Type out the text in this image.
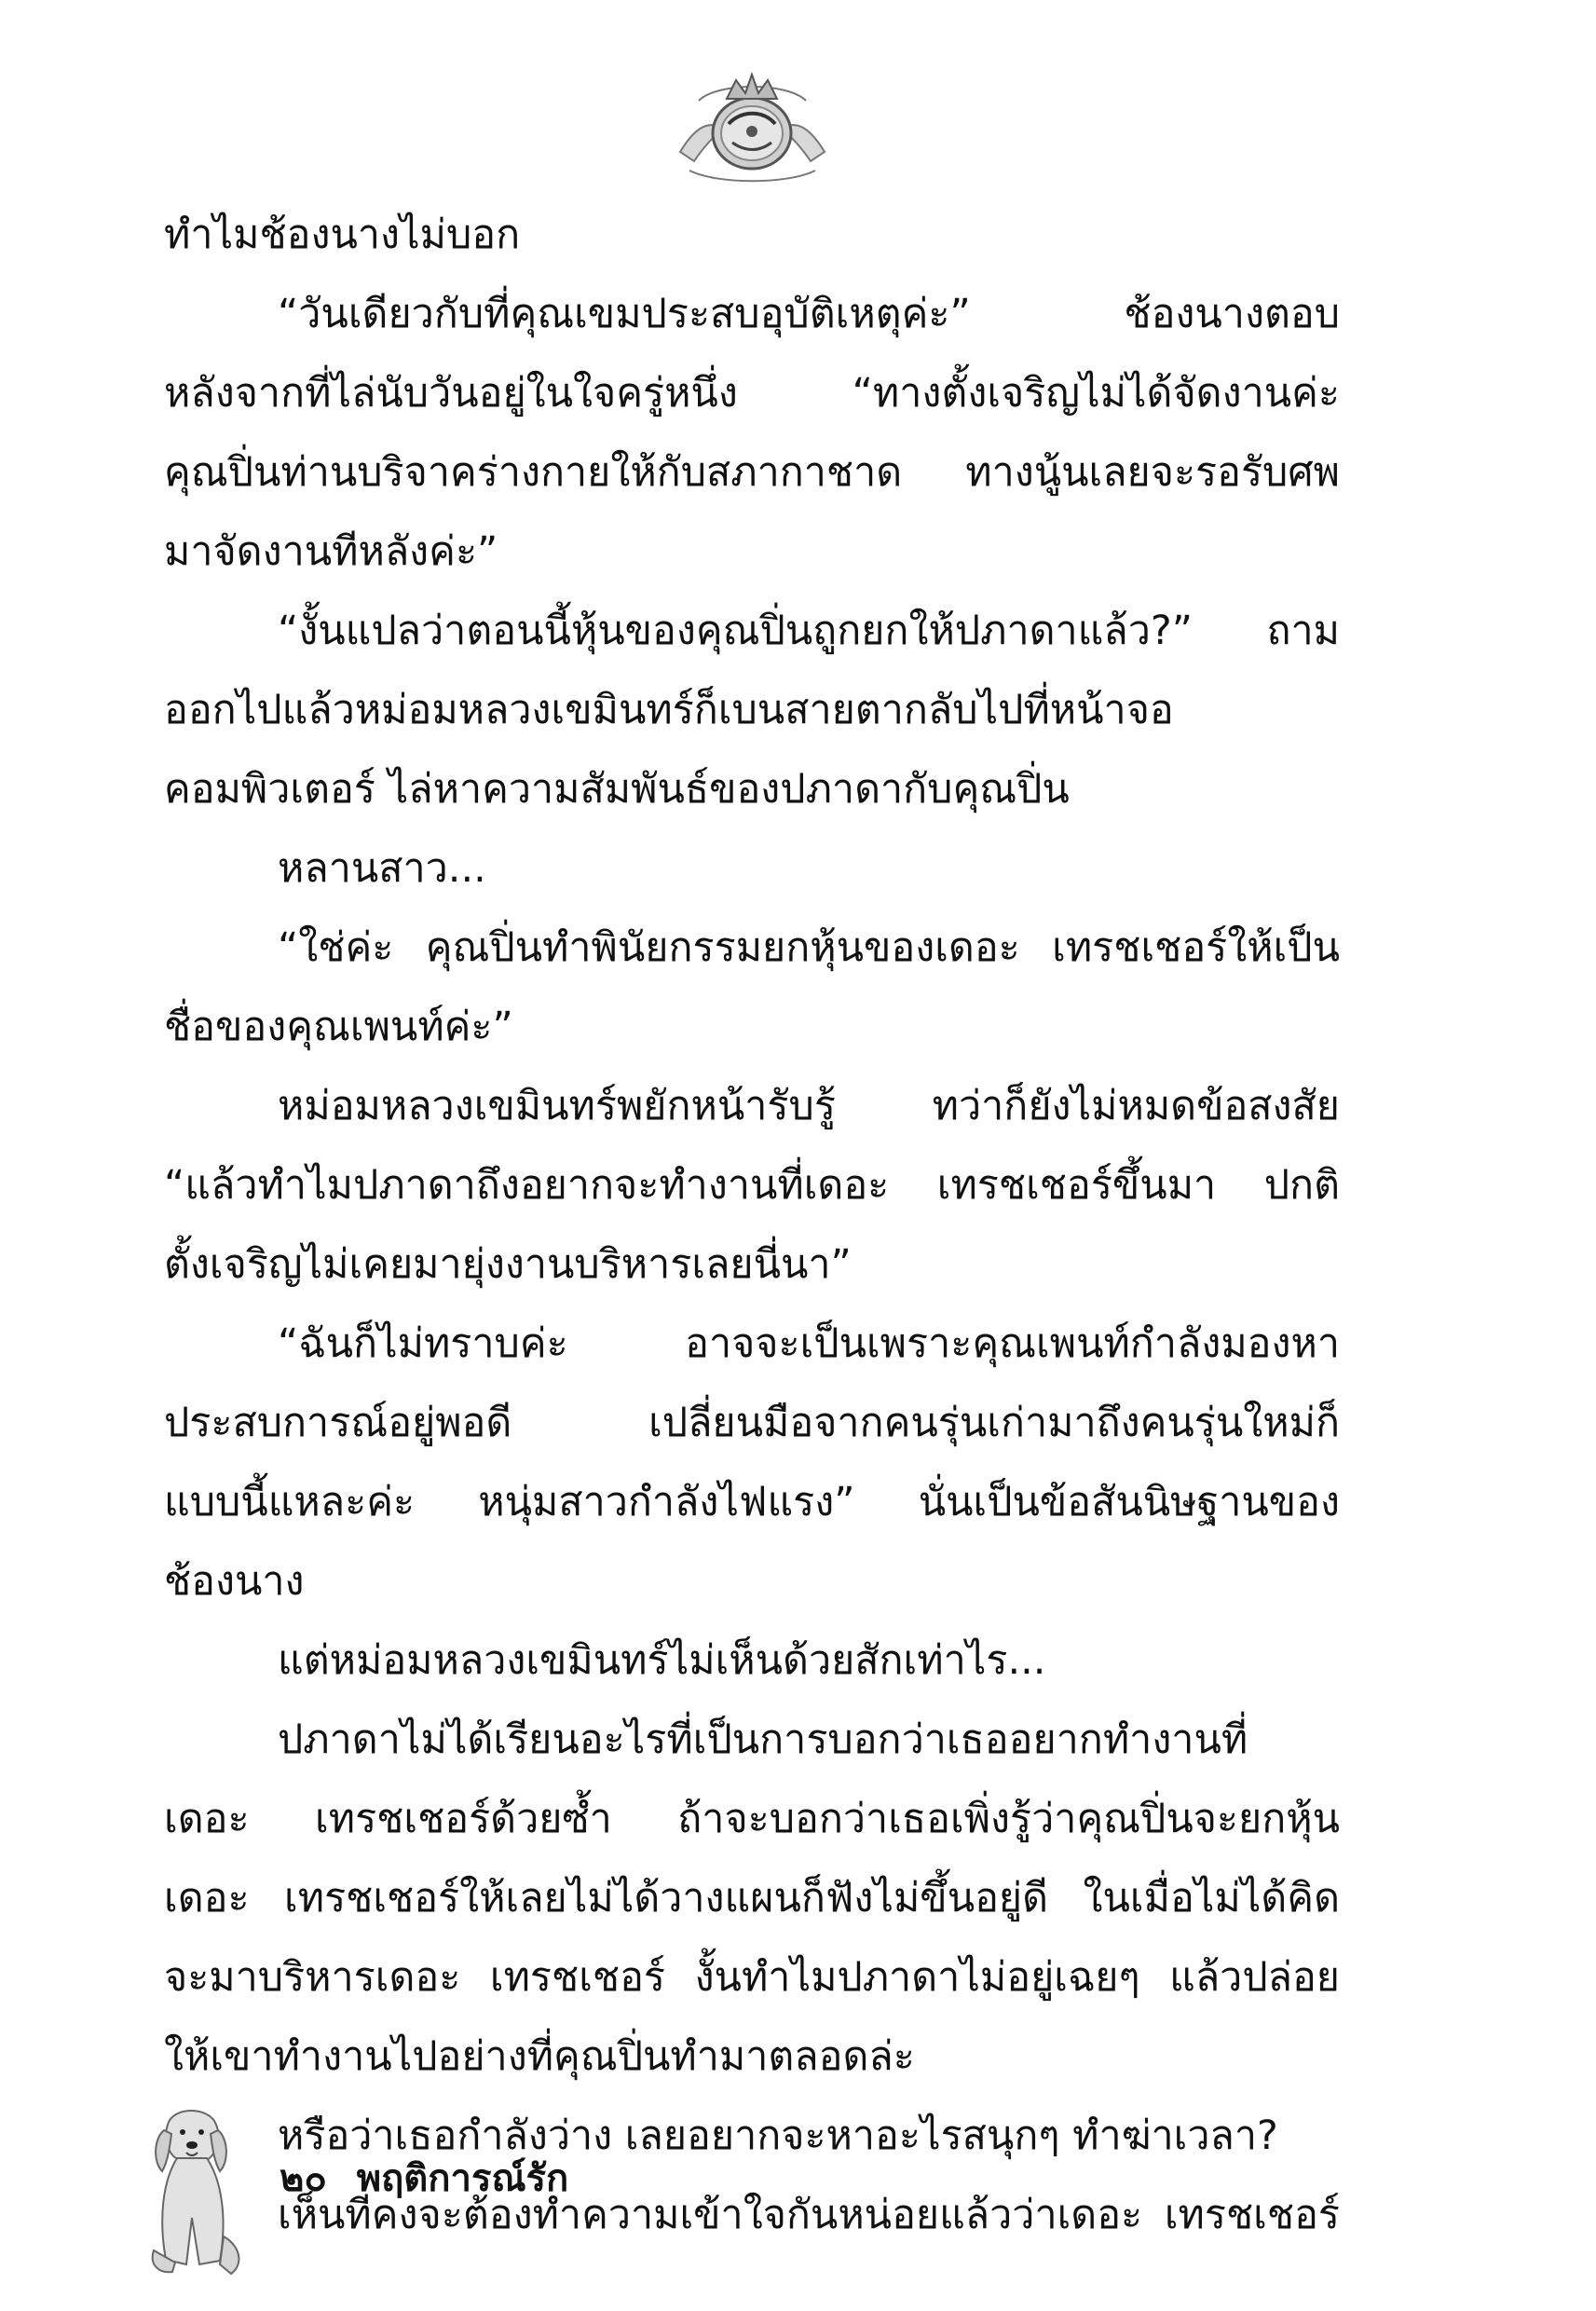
ทำไมช้องนางไม่บอก
“วันเดียวกับที่คุณเขมประสบอุบัติเหตุค่ะ” ช้องนางตอบ
หลังจากที่ไล่นับวันอยู่ในใจครู่หนึ่ง “ทางตั้งเจริญไม่ได้จัดงานค่ะ
คุณปิ่นท่านบริจาคร่างกายให้กับสภากาชาด ทางนู้นเลยจะรอรับศพ
มาจัดงานทีหลังค่ะ”
“งั้นแปลว่าตอนนี้หุ้นของคุณปิ่นถูกยกให้ปภาดาแล้ว?” ถาม
ออกไปแล้วหม่อมหลวงเขมินทร์ก็เบนสายตากลับไปที่หน้าจอ
คอมพิวเตอร์ ไล่หาความสัมพันธ์ของปภาดากับคุณปิ่น
หลานสาว...
“ใช่ค่ะ คุณปิ่นทำพินัยกรรมยกหุ้นของเดอะ เทรชเชอร์ให้เป็น
ชื่อของคุณเพนท์ค่ะ”
หม่อมหลวงเขมินทร์พยักหน้ารับรู้ ทว่าก็ยังไม่หมดข้อสงสัย
“แล้วทำไมปภาดาถึงอยากจะทำงานที่เดอะ เทรชเชอร์ขึ้นมา ปกติ
ตั้งเจริญไม่เคยมายุ่งงานบริหารเลยนี่นา”
“ฉันก็ไม่ทราบค่ะ อาจจะเป็นเพราะคุณเพนท์กำลังมองหา
ประสบการณ์อยู่พอดี เปลี่ยนมือจากคนรุ่นเก่ามาถึงคนรุ่นใหม่ก็
แบบนี้แหละค่ะ หนุ่มสาวกำลังไฟแรง” นั่นเป็นข้อสันนิษฐานของ
ช้องนาง
แต่หม่อมหลวงเขมินทร์ไม่เห็นด้วยสักเท่าไร...
ปภาดาไม่ได้เรียนอะไรที่เป็นการบอกว่าเธออยากทำงานที่
เดอะ เทรชเชอร์ด้วยซ้ำ ถ้าจะบอกว่าเธอเพิ่งรู้ว่าคุณปิ่นจะยกหุ้น
เดอะ เทรชเชอร์ให้เลยไม่ได้วางแผนก็ฟังไม่ขึ้นอยู่ดี ในเมื่อไม่ได้คิด
จะมาบริหารเดอะ เทรชเชอร์ งั้นทำไมปภาดาไม่อยู่เฉยๆ แล้วปล่อย
ให้เขาทำงานไปอย่างที่คุณปิ่นทำมาตลอดล่ะ
หรือว่าเธอกำลังว่าง เลยอยากจะหาอะไรสนุกๆ ทำฆ่าเวลา?
เห็นทีคงจะต้องทำความเข้าใจกันหน่อยแล้วว่าเดอะ เทรชเชอร์
๒๐ พฤติการณ์รัก
